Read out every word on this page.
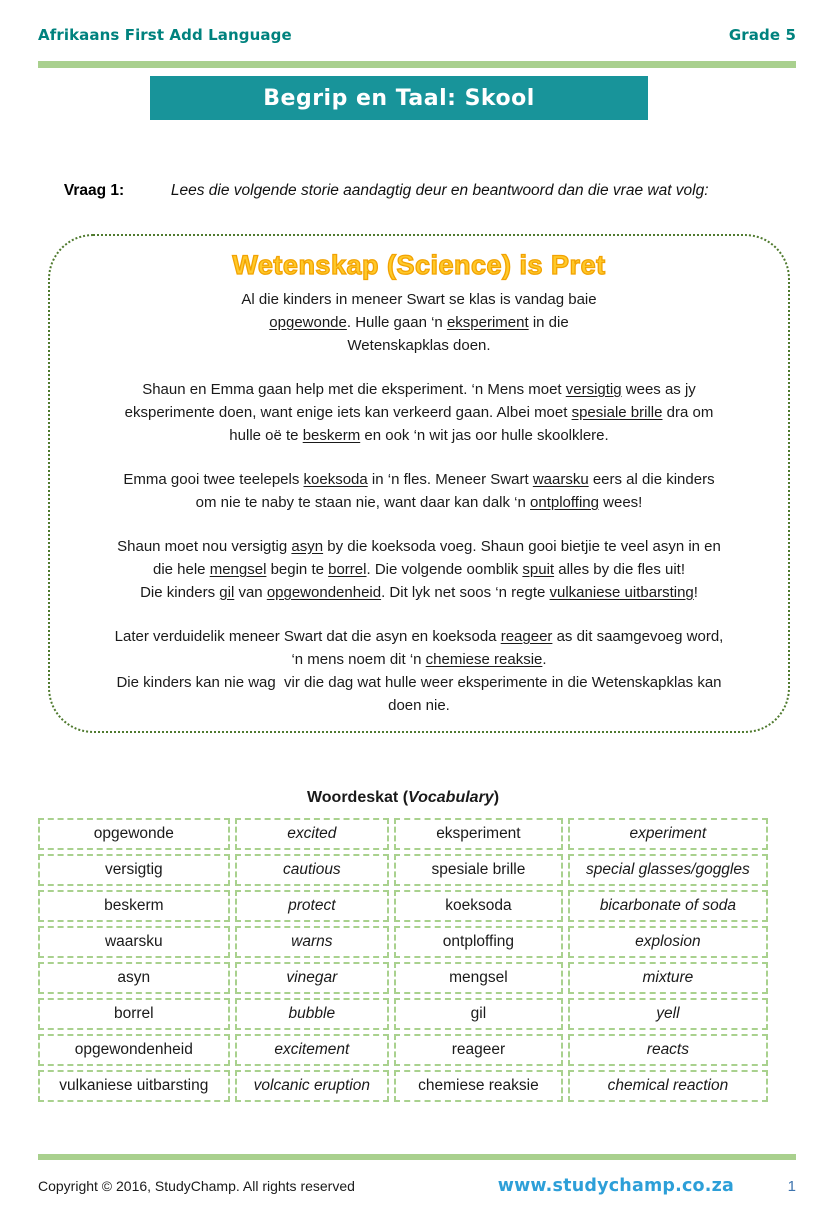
Afrikaans First Add Language	Grade 5
Begrip en Taal: Skool

Vraag 1:	Lees die volgende storie aandagtig deur en beantwoord dan die vrae wat volg:

Wetenskap (Science) is Pret

Al die kinders in meneer Swart se klas is vandag baie
opgewonde. Hulle gaan ‘n eksperiment in die
Wetenskapklas doen.

Shaun en Emma gaan help met die eksperiment. ‘n Mens moet versigtig wees as jy
eksperimente doen, want enige iets kan verkeerd gaan. Albei moet spesiale brille dra om
hulle oë te beskerm en ook ‘n wit jas oor hulle skoolklere.

Emma gooi twee teelepels koeksoda in ‘n fles. Meneer Swart waarsku eers al die kinders
om nie te naby te staan nie, want daar kan dalk ‘n ontploffing wees!

Shaun moet nou versigtig asyn by die koeksoda voeg. Shaun gooi bietjie te veel asyn in en
die hele mengsel begin te borrel. Die volgende oomblik spuit alles by die fles uit!
Die kinders gil van opgewondenheid. Dit lyk net soos ‘n regte vulkaniese uitbarsting!

Later verduidelik meneer Swart dat die asyn en koeksoda reageer as dit saamgevoeg word,
‘n mens noem dit ‘n chemiese reaksie.
Die kinders kan nie wag  vir die dag wat hulle weer eksperimente in die Wetenskapklas kan
doen nie.

Woordeskat (Vocabulary)
opgewonde	excited	eksperiment	experiment
versigtig	cautious	spesiale brille	special glasses/goggles
beskerm	protect	koeksoda	bicarbonate of soda
waarsku	warns	ontploffing	explosion
asyn	vinegar	mengsel	mixture
borrel	bubble	gil	yell
opgewondenheid	excitement	reageer	reacts
vulkaniese uitbarsting	volcanic eruption	chemiese reaksie	chemical reaction
Copyright © 2016, StudyChamp. All rights reserved	www.studychamp.co.za	1
